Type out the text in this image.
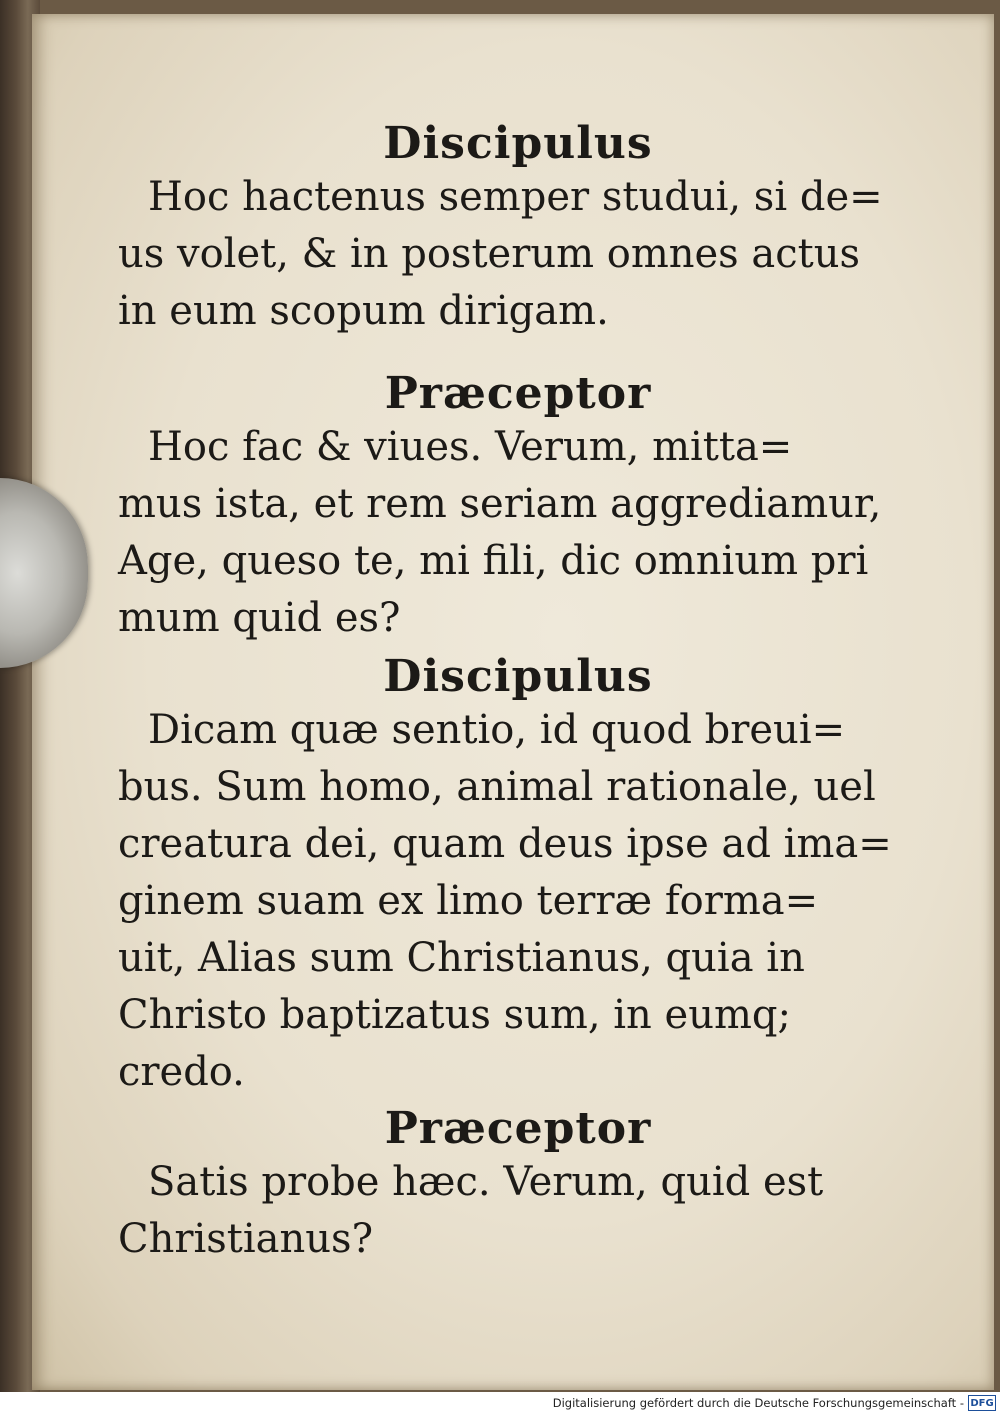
Discipulus

Hoc hactenus semper studui, si de=

us volet, & in posterum omnes actus

in eum scopum dirigam.

Præceptor

Hoc fac & viues. Verum, mitta=

mus ista, et rem seriam aggrediamur,

Age, queso te, mi fili, dic omnium pri

mum quid es?

Discipulus

Dicam quæ sentio, id quod breui=

bus. Sum homo, animal rationale, uel

creatura dei, quam deus ipse ad ima=

ginem suam ex limo terræ forma=

uit, Alias sum Christianus, quia in

Christo baptizatus sum, in eumq;

credo.

Præceptor

Satis probe hæc. Verum, quid est

Christianus?

Digitalisierung gefördert durch die Deutsche Forschungsgemeinschaft - DFG
